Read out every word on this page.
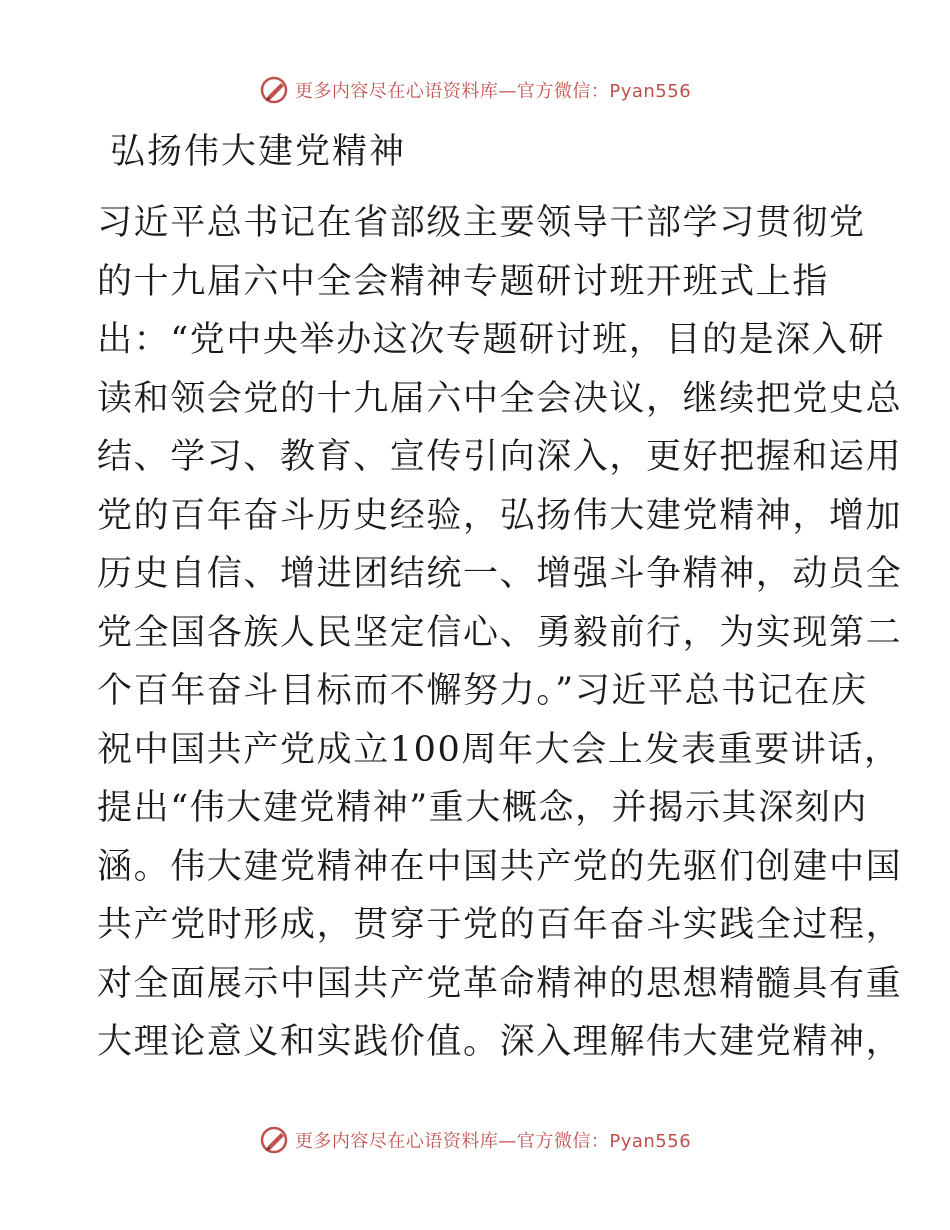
更多内容尽在心语资料库—官方微信：Pyan556
弘扬伟大建党精神
习近平总书记在省部级主要领导干部学习贯彻党
的十九届六中全会精神专题研讨班开班式上指
出：“党中央举办这次专题研讨班，目的是深入研
读和领会党的十九届六中全会决议，继续把党史总
结、学习、教育、宣传引向深入，更好把握和运用
党的百年奋斗历史经验，弘扬伟大建党精神，增加
历史自信、增进团结统一、增强斗争精神，动员全
党全国各族人民坚定信心、勇毅前行，为实现第二
个百年奋斗目标而不懈努力。”习近平总书记在庆
祝中国共产党成立100周年大会上发表重要讲话，
提出“伟大建党精神”重大概念，并揭示其深刻内
涵。伟大建党精神在中国共产党的先驱们创建中国
共产党时形成，贯穿于党的百年奋斗实践全过程，
对全面展示中国共产党革命精神的思想精髓具有重
大理论意义和实践价值。深入理解伟大建党精神，
更多内容尽在心语资料库—官方微信：Pyan556
